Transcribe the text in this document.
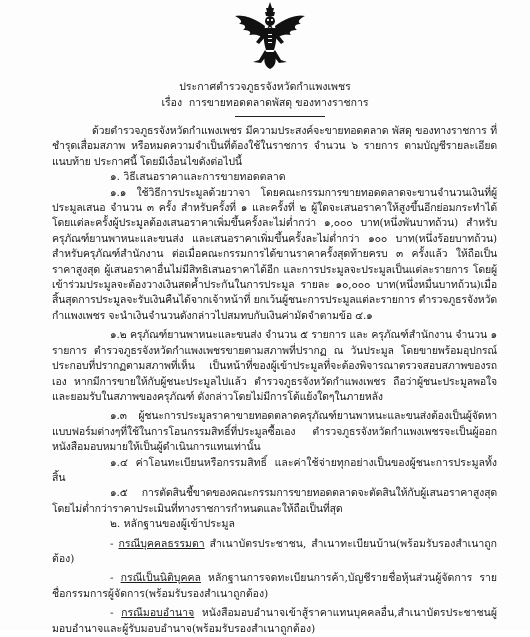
ประกาศตำรวจภูธรจังหวัดกำแพงเพชร
เรื่อง การขายทอดตลาดพัสดุ ของทางราชการ

ด้วยตำรวจภูธรจังหวัดกำแพงเพชร มีความประสงค์จะขายทอดตลาด พัสดุ ของทางราชการ ที่ชำรุดเสื่อมสภาพ หรือหมดความจำเป็นที่ต้องใช้ในราชการ จำนวน ๖ รายการ ตามบัญชีรายละเอียดแนบท้าย ประกาศนี้ โดยมีเงื่อนไขดังต่อไปนี้

๑. วิธีเสนอราคาและการขายทอดตลาด

๑.๑ ใช้วิธีการประมูลด้วยวาจา โดยคณะกรรมการขายทอดตลาดจะขานจำนวนเงินที่ผู้ประมูลเสนอ จำนวน ๓ ครั้ง สำหรับครั้งที่ ๑ และครั้งที่ ๒ ผู้ใดจะเสนอราคาให้สูงขึ้นอีกย่อมกระทำได้ โดยแต่ละครั้งผู้ประมูลต้องเสนอราคาเพิ่มขึ้นครั้งละไม่ต่ำกว่า ๑,๐๐๐ บาท(หนึ่งพันบาทถ้วน) สำหรับครุภัณฑ์ยานพาหนะและขนส่ง และเสนอราคาเพิ่มขึ้นครั้งละไม่ต่ำกว่า ๑๐๐ บาท(หนึ่งร้อยบาทถ้วน) สำหรับครุภัณฑ์สำนักงาน ต่อเมื่อคณะกรรมการได้ขานราคาครั้งสุดท้ายครบ ๓ ครั้งแล้ว ให้ถือเป็นราคาสูงสุด ผู้เสนอราคาอื่นไม่มีสิทธิเสนอราคาได้อีก และการประมูลจะประมูลเป็นแต่ละรายการ โดยผู้เข้าร่วมประมูลจะต้องวางเงินสดค้ำประกันในการประมูล รายละ ๑๐,๐๐๐ บาท(หนึ่งหมื่นบาทถ้วน)เมื่อสิ้นสุดการประมูลจะรับเงินคืนได้จากเจ้าหน้าที่ ยกเว้นผู้ชนะการประมูลแต่ละรายการ ตำรวจภูธรจังหวัดกำแพงเพชร จะนำเงินจำนวนดังกล่าวไปสมทบกับเงินค่ามัดจำตามข้อ ๔.๑

๑.๒ ครุภัณฑ์ยานพาหนะและขนส่ง จำนวน ๕ รายการ และ ครุภัณฑ์สำนักงาน จำนวน ๑ รายการ ตำรวจภูธรจังหวัดกำแพงเพชรขายตามสภาพที่ปรากฏ ณ วันประมูล โดยขายพร้อมอุปกรณ์ประกอบที่ปรากฏตามสภาพที่เห็น เป็นหน้าที่ของผู้เข้าประมูลที่จะต้องพิจารณาตรวจสอบสภาพของรถเอง หากมีการขายให้กับผู้ชนะประมูลไปแล้ว ตำรวจภูธรจังหวัดกำแพงเพชร ถือว่าผู้ชนะประมูลพอใจและยอมรับในสภาพของครุภัณฑ์ ดังกล่าวโดยไม่มีการโต้แย้งใดๆในภายหลัง

๑.๓ ผู้ชนะการประมูลราคาขายทอดตลาดครุภัณฑ์ยานพาหนะและขนส่งต้องเป็นผู้จัดหาแบบฟอร์มต่างๆที่ใช้ในการโอนกรรมสิทธิ์ที่ประมูลซื้อเอง ตำรวจภูธรจังหวัดกำแพงเพชรจะเป็นผู้ออกหนังสือมอบหมายให้เป็นผู้ดำเนินการแทนเท่านั้น

๑.๔ ค่าโอนทะเบียนหรือกรรมสิทธิ์ และค่าใช้จ่ายทุกอย่างเป็นของผู้ชนะการประมูลทั้งสิ้น

๑.๕ การตัดสินชี้ขาดของคณะกรรมการขายทอดตลาดจะตัดสินให้กับผู้เสนอราคาสูงสุด โดยไม่ต่ำกว่าราคาประเมินที่ทางราชการกำหนดและให้ถือเป็นที่สุด

๒. หลักฐานของผู้เข้าประมูล

- กรณีบุคคลธรรมดา สำเนาบัตรประชาชน, สำเนาทะเบียนบ้าน(พร้อมรับรองสำเนาถูกต้อง)

- กรณีเป็นนิติบุคคล หลักฐานการจดทะเบียนการค้า,บัญชีรายชื่อหุ้นส่วนผู้จัดการ รายชื่อกรรมการผู้จัดการ(พร้อมรับรองสำเนาถูกต้อง)

- กรณีมอบอำนาจ หนังสือมอบอำนาจเข้าสู้ราคาแทนบุคคลอื่น,สำเนาบัตรประชาชนผู้มอบอำนาจและผู้รับมอบอำนาจ(พร้อมรับรองสำเนาถูกต้อง)
